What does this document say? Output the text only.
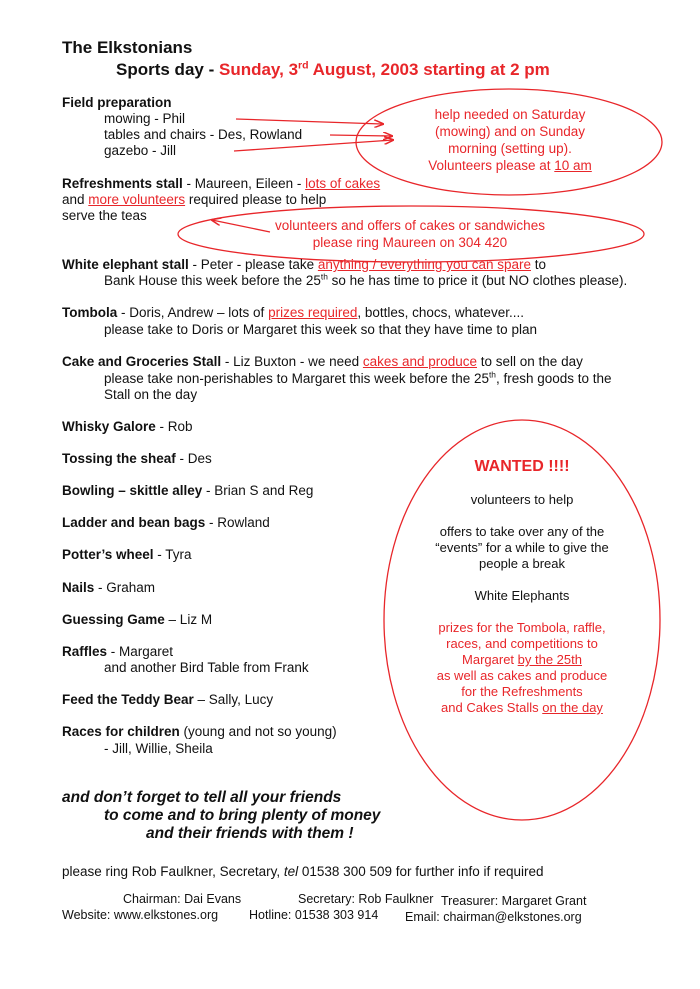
The Elkstonians
Sports day - Sunday, 3rd August, 2003 starting at 2 pm
Field preparation
mowing - Phil
tables and chairs - Des, Rowland
gazebo - Jill
help needed on Saturday
(mowing) and on Sunday
morning (setting up).
Volunteers please at 10 am
Refreshments stall - Maureen, Eileen - lots of cakes
and more volunteers required please to help
serve the teas
volunteers and offers of cakes or sandwiches
please ring Maureen on 304 420
White elephant stall - Peter - please take anything / everything you can spare to
Bank House this week before the 25th so he has time to price it (but NO clothes please).
Tombola - Doris, Andrew – lots of prizes required, bottles, chocs, whatever....
please take to Doris or Margaret this week so that they have time to plan
Cake and Groceries Stall - Liz Buxton - we need cakes and produce to sell on the day
please take non-perishables to Margaret this week before the 25th, fresh goods to the
Stall on the day
Whisky Galore - Rob
Tossing the sheaf - Des
Bowling – skittle alley - Brian S and Reg
Ladder and bean bags - Rowland
Potter’s wheel - Tyra
Nails - Graham
Guessing Game – Liz M
Raffles - Margaret
and another Bird Table from Frank
Feed the Teddy Bear – Sally, Lucy
Races for children (young and not so young)
- Jill, Willie, Sheila
WANTED !!!!
volunteers to help
offers to take over any of the
“events” for a while to give the
people a break
White Elephants
prizes for the Tombola, raffle,
races, and competitions to
Margaret by the 25th
as well as cakes and produce
for the Refreshments
and Cakes Stalls on the day
and don’t forget to tell all your friends
to come and to bring plenty of money
and their friends with them !
please ring Rob Faulkner, Secretary, tel 01538 300 509 for further info if required
Chairman: Dai Evans	Secretary: Rob Faulkner Treasurer: Margaret Grant
Website: www.elkstones.org Hotline: 01538 303 914 Email: chairman@elkstones.org
